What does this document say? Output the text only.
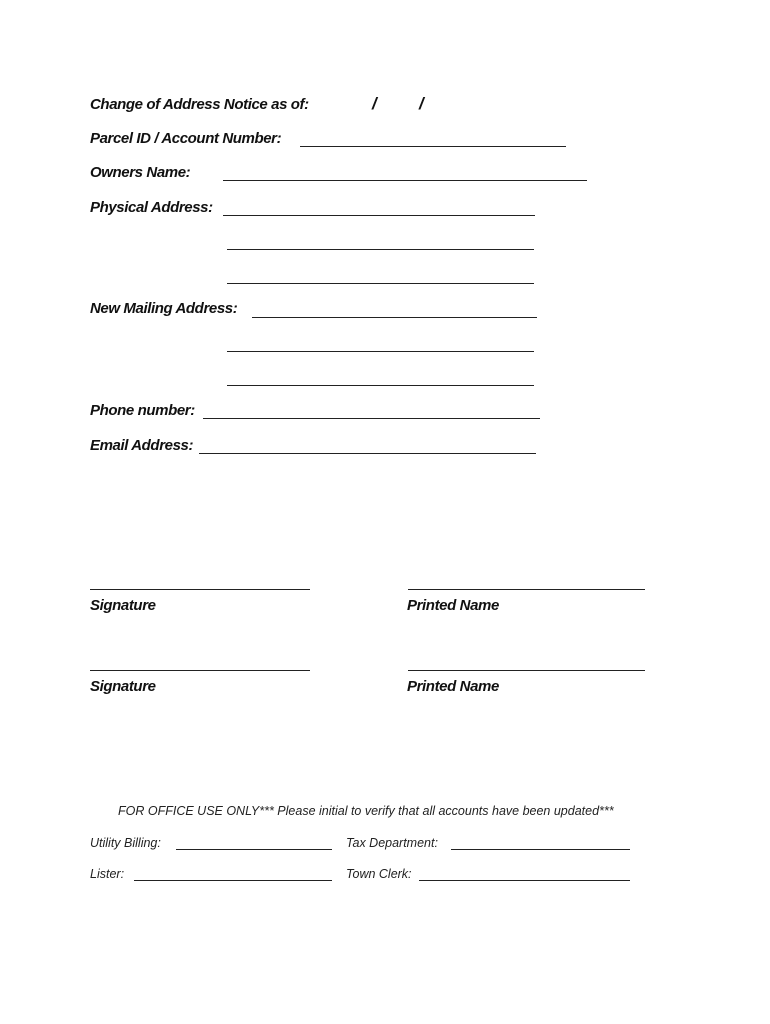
Change of Address Notice as of:	/ /
Parcel ID / Account Number:
Owners Name:
Physical Address:
New Mailing Address:
Phone number:
Email Address:
Signature	Printed Name
Signature	Printed Name
FOR OFFICE USE ONLY*** Please initial to verify that all accounts have been updated***
Utility Billing:	Tax Department:
Lister:	Town Clerk:
